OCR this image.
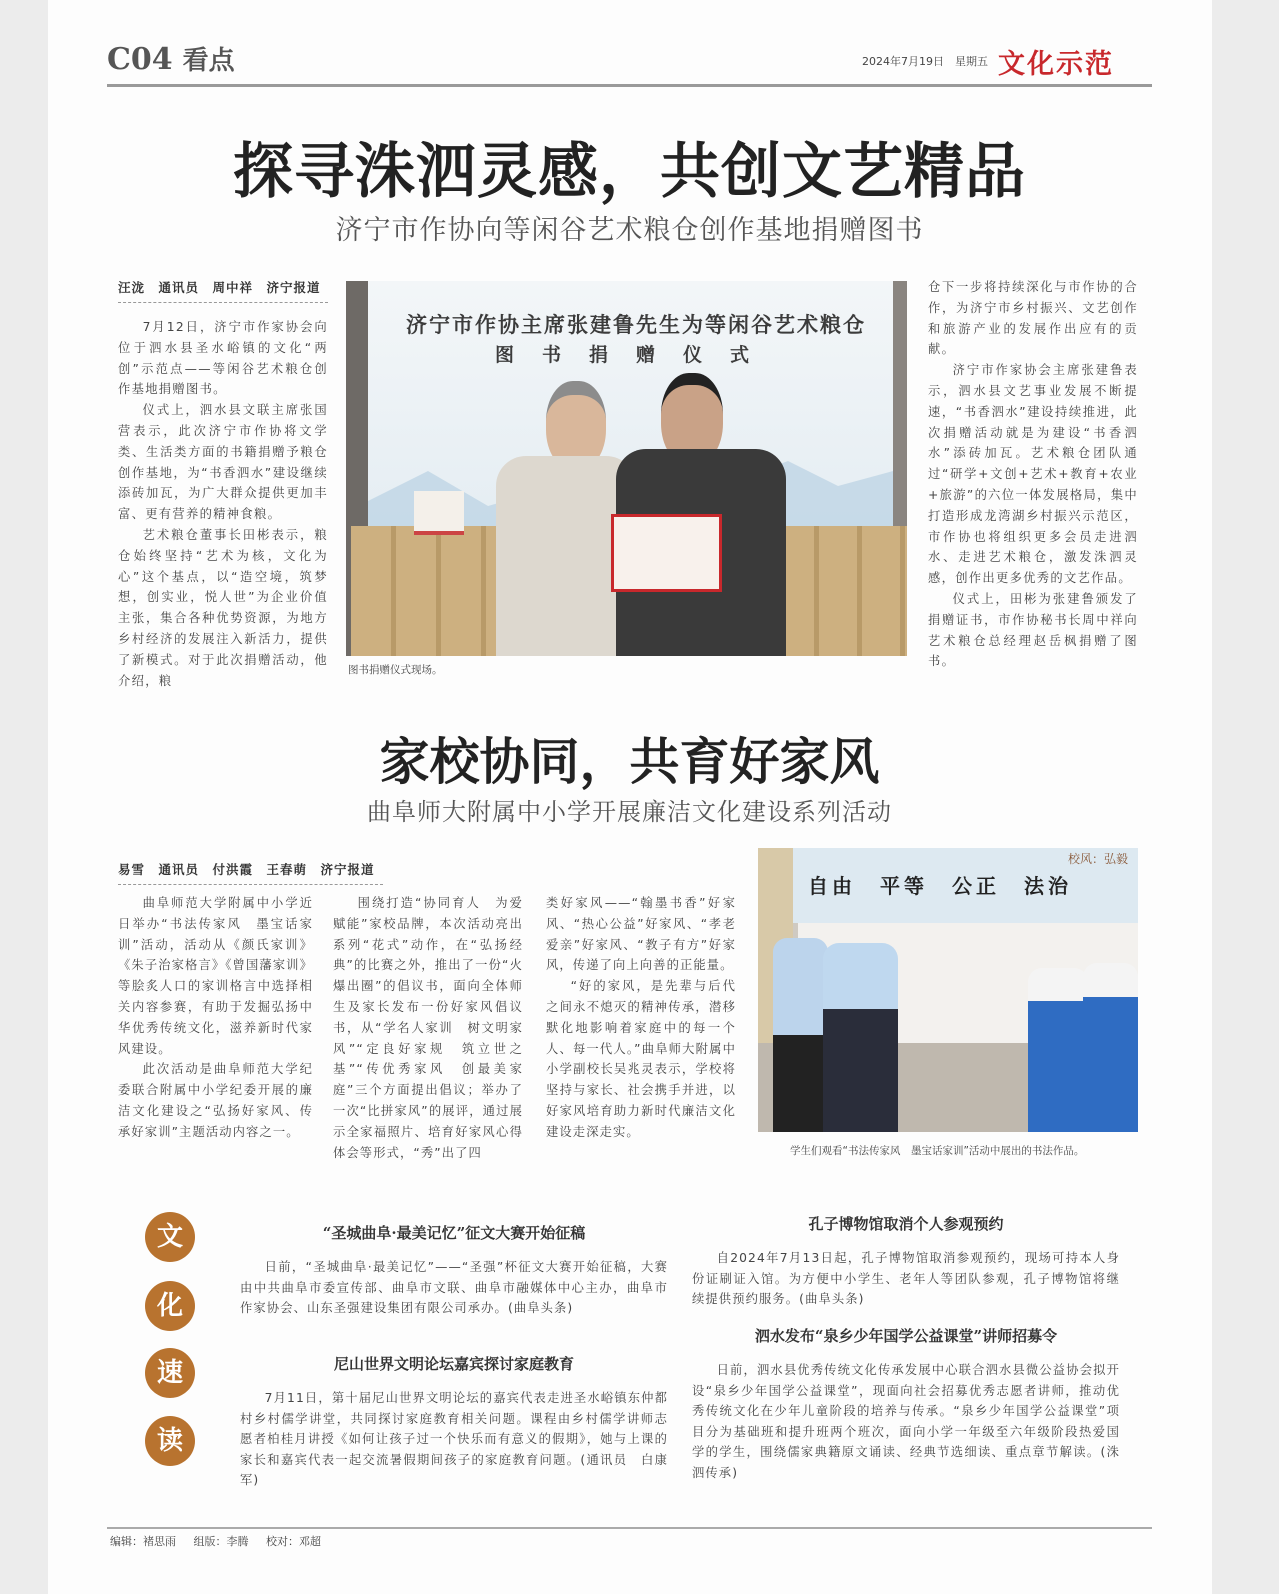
C04 看点	2024年7月19日　 星期五 文化示范
探寻洙泗灵感，共创文艺精品
济宁市作协向等闲谷艺术粮仓创作基地捐赠图书
汪泷　通讯员　周中祥　济宁报道

7月12日，济宁市作家协会向位于泗水县圣水峪镇的文化“两创”示范点——等闲谷艺术粮仓创作基地捐赠图书。

仪式上，泗水县文联主席张国营表示，此次济宁市作协将文学类、生活类方面的书籍捐赠予粮仓创作基地，为“书香泗水”建设继续添砖加瓦，为广大群众提供更加丰富、更有营养的精神食粮。

艺术粮仓董事长田彬表示，粮仓始终坚持“艺术为核，文化为心”这个基点，以“造空境，筑梦想，创实业，悦人世”为企业价值主张，集合各种优势资源，为地方乡村经济的发展注入新活力，提供了新模式。对于此次捐赠活动，他介绍，粮

济宁市作协主席张建鲁先生为等闲谷艺术粮仓
图书捐赠仪式
图书捐赠仪式现场。

仓下一步将持续深化与市作协的合作，为济宁市乡村振兴、文艺创作和旅游产业的发展作出应有的贡献。

济宁市作家协会主席张建鲁表示，泗水县文艺事业发展不断提速，“书香泗水”建设持续推进，此次捐赠活动就是为建设“书香泗水”添砖加瓦。艺术粮仓团队通过“研学+文创+艺术+教育+农业+旅游”的六位一体发展格局，集中打造形成龙湾湖乡村振兴示范区，市作协也将组织更多会员走进泗水、走进艺术粮仓，激发洙泗灵感，创作出更多优秀的文艺作品。

仪式上，田彬为张建鲁颁发了捐赠证书，市作协秘书长周中祥向艺术粮仓总经理赵岳枫捐赠了图书。

家校协同，共育好家风
曲阜师大附属中小学开展廉洁文化建设系列活动
易雪　通讯员　付洪霞　王春萌　济宁报道

曲阜师范大学附属中小学近日举办“书法传家风　墨宝话家训”活动，活动从《颜氏家训》《朱子治家格言》《曾国藩家训》等脍炙人口的家训格言中选择相关内容参赛，有助于发掘弘扬中华优秀传统文化，滋养新时代家风建设。

此次活动是曲阜师范大学纪委联合附属中小学纪委开展的廉洁文化建设之“弘扬好家风、传承好家训”主题活动内容之一。

围绕打造“协同育人　为爱赋能”家校品牌，本次活动亮出系列“花式”动作，在“弘扬经典”的比赛之外，推出了一份“火爆出圈”的倡议书，面向全体师生及家长发布一份好家风倡议书，从“学名人家训　树文明家风”“定良好家规　筑立世之基”“传优秀家风　创最美家庭”三个方面提出倡议；举办了一次“比拼家风”的展评，通过展示全家福照片、培育好家风心得体会等形式，“秀”出了四

类好家风——“翰墨书香”好家风、“热心公益”好家风、“孝老爱亲”好家风、“教子有方”好家风，传递了向上向善的正能量。

“好的家风，是先辈与后代之间永不熄灭的精神传承，潜移默化地影响着家庭中的每一个人、每一代人。”曲阜师大附属中小学副校长吴兆灵表示，学校将坚持与家长、社会携手并进，以好家风培育助力新时代廉洁文化建设走深走实。

自由　平等　公正　法治
校风：弘毅
学生们观看“书法传家风　墨宝话家训”活动中展出的书法作品。
文
化
速
读
“圣城曲阜·最美记忆”征文大赛开始征稿

日前，“圣城曲阜·最美记忆”——“圣强”杯征文大赛开始征稿，大赛由中共曲阜市委宣传部、曲阜市文联、曲阜市融媒体中心主办，曲阜市作家协会、山东圣强建设集团有限公司承办。(曲阜头条)

尼山世界文明论坛嘉宾探讨家庭教育

7月11日，第十届尼山世界文明论坛的嘉宾代表走进圣水峪镇东仲都村乡村儒学讲堂，共同探讨家庭教育相关问题。课程由乡村儒学讲师志愿者柏桂月讲授《如何让孩子过一个快乐而有意义的假期》，她与上课的家长和嘉宾代表一起交流暑假期间孩子的家庭教育问题。(通讯员　白康军)

孔子博物馆取消个人参观预约

自2024年7月13日起，孔子博物馆取消参观预约，现场可持本人身份证刷证入馆。为方便中小学生、老年人等团队参观，孔子博物馆将继续提供预约服务。(曲阜头条)

泗水发布“泉乡少年国学公益课堂”讲师招募令

日前，泗水县优秀传统文化传承发展中心联合泗水县微公益协会拟开设“泉乡少年国学公益课堂”，现面向社会招募优秀志愿者讲师，推动优秀传统文化在少年儿童阶段的培养与传承。“泉乡少年国学公益课堂”项目分为基础班和提升班两个班次，面向小学一年级至六年级阶段热爱国学的学生，围绕儒家典籍原文诵读、经典节选细读、重点章节解读。(洙泗传承)

编辑：褚思雨 组版：李腾 校对：邓超
